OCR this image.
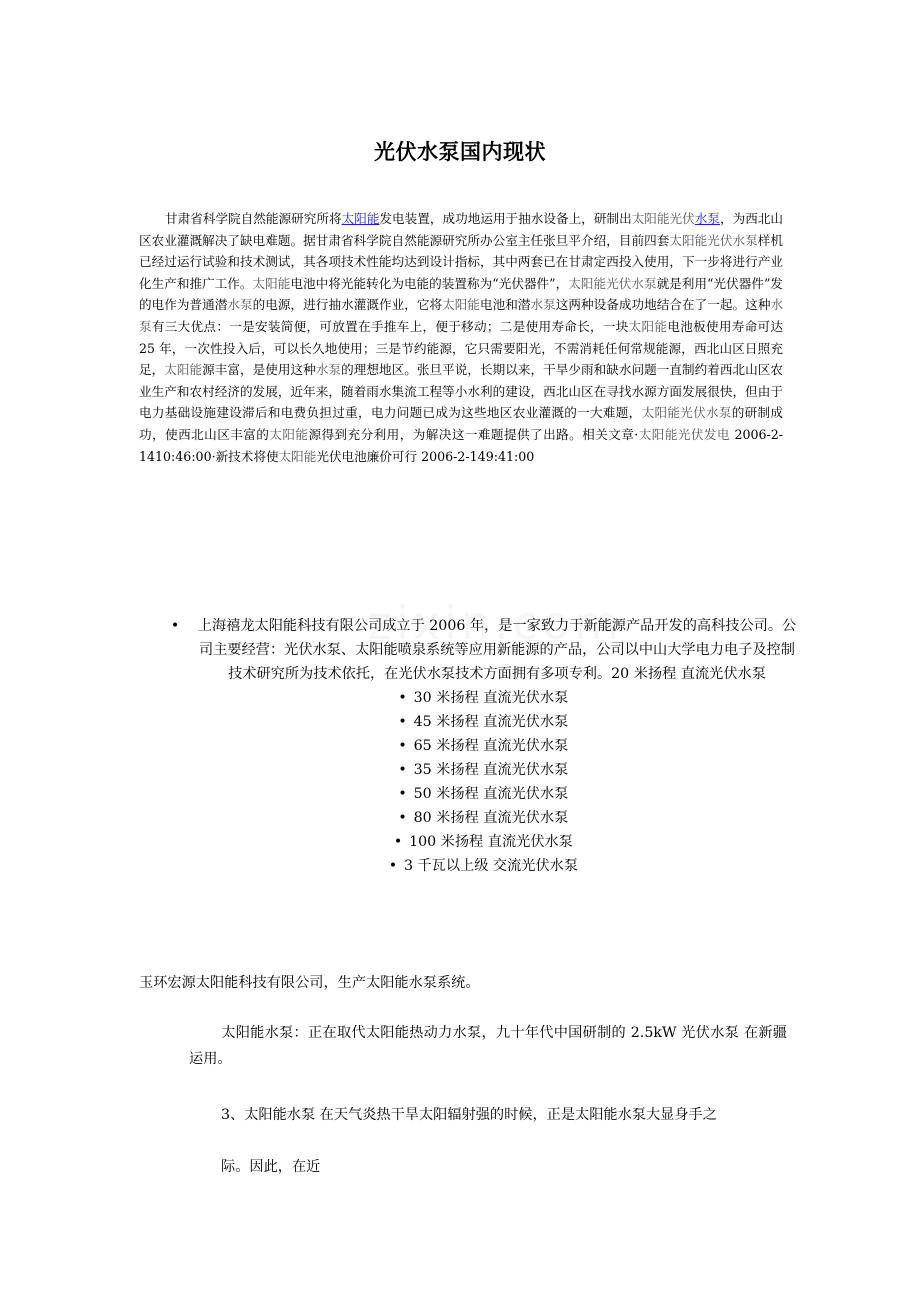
光伏水泵国内现状

甘肃省科学院自然能源研究所将太阳能发电装置，成功地运用于抽水设备上，研制出太阳能光伏水泵，为西北山区农业灌溉解决了缺电难题。据甘肃省科学院自然能源研究所办公室主任张旦平介绍，目前四套太阳能光伏水泵样机已经过运行试验和技术测试，其各项技术性能均达到设计指标，其中两套已在甘肃定西投入使用，下一步将进行产业化生产和推广工作。太阳能电池中将光能转化为电能的装置称为“光伏器件”，太阳能光伏水泵就是利用“光伏器件”发的电作为普通潜水泵的电源，进行抽水灌溉作业，它将太阳能电池和潜水泵这两种设备成功地结合在了一起。这种水泵有三大优点：一是安装简便，可放置在手推车上，便于移动；二是使用寿命长，一块太阳能电池板使用寿命可达 25 年，一次性投入后，可以长久地使用；三是节约能源，它只需要阳光，不需消耗任何常规能源，西北山区日照充足，太阳能源丰富，是使用这种水泵的理想地区。张旦平说，长期以来，干旱少雨和缺水问题一直制约着西北山区农业生产和农村经济的发展，近年来，随着雨水集流工程等小水利的建设，西北山区在寻找水源方面发展很快，但由于电力基础设施建设滞后和电费负担过重，电力问题已成为这些地区农业灌溉的一大难题，太阳能光伏水泵的研制成功，使西北山区丰富的太阳能源得到充分利用，为解决这一难题提供了出路。相关文章·太阳能光伏发电 2006-2-1410:46:00·新技术将使太阳能光伏电池廉价可行 2006-2-149:41:00

•	上海禧龙太阳能科技有限公司成立于 2006 年，是一家致力于新能源产品开发的高科技公司。公司主要经营：光伏水泵、太阳能喷泉系统等应用新能源的产品，公司以中山大学电力电子及控制技术研究所为技术依托，在光伏水泵技术方面拥有多项专利。20 米扬程 直流光伏水泵
• 30 米扬程 直流光伏水泵
• 45 米扬程 直流光伏水泵
• 65 米扬程 直流光伏水泵
• 35 米扬程 直流光伏水泵
• 50 米扬程 直流光伏水泵
• 80 米扬程 直流光伏水泵
• 100 米扬程 直流光伏水泵
• 3 千瓦以上级 交流光伏水泵

玉环宏源太阳能科技有限公司，生产太阳能水泵系统。

太阳能水泵：正在取代太阳能热动力水泵，九十年代中国研制的 2.5kW 光伏水泵 在新疆运用。

3、太阳能水泵 在天气炎热干旱太阳辐射强的时候，正是太阳能水泵大显身手之

际。因此，在近
